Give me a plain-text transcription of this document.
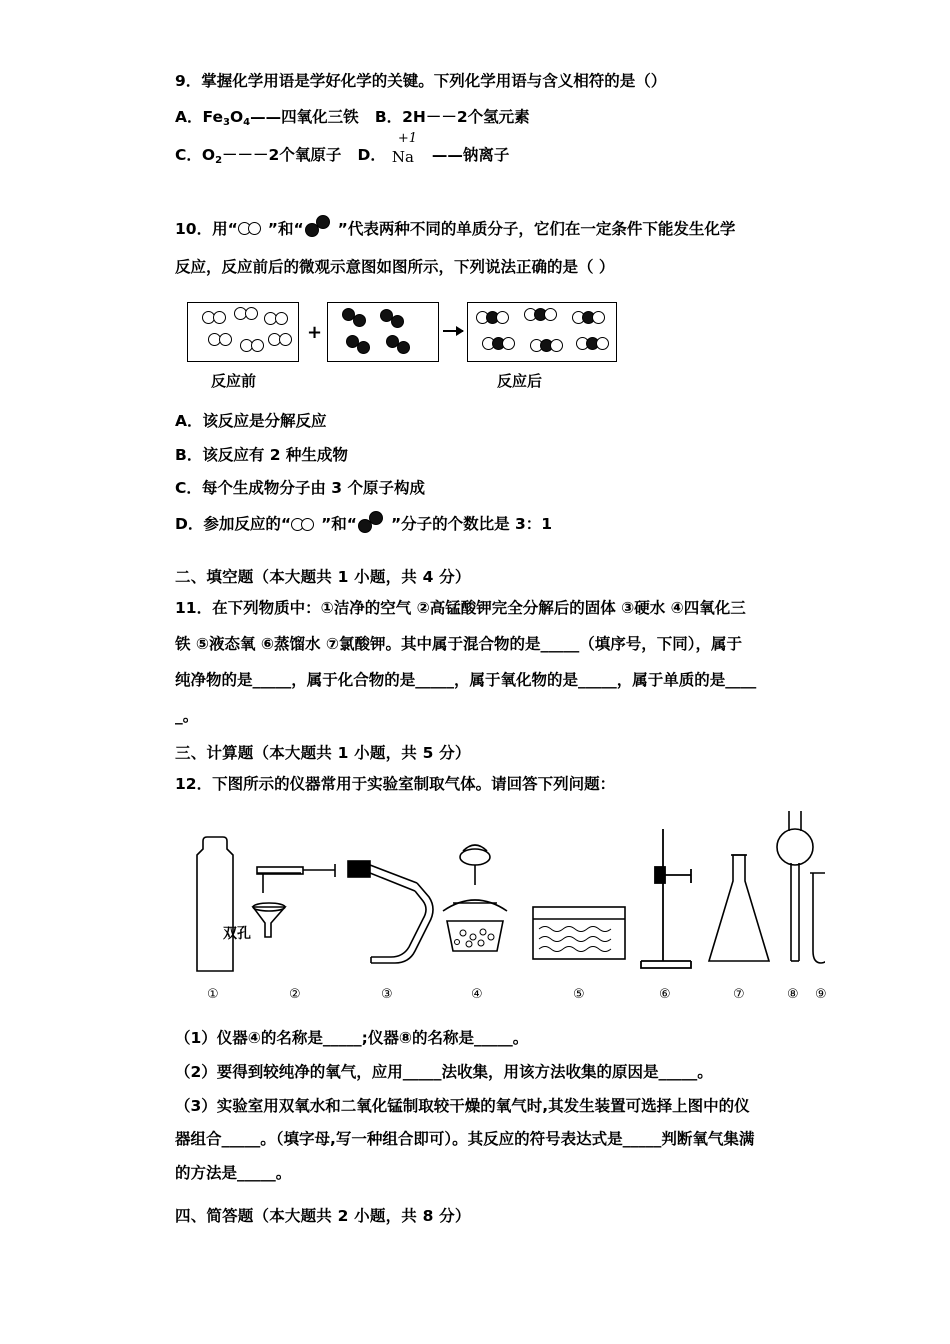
9．掌握化学用语是学好化学的关键。下列化学用语与含义相符的是（）

A．$Fe_3O_4——$四氧化三铁 B．2H－－2个氢元素

C．$O_2---2$个氧原子 D．
+1
Na ——钠离子

10．用“ ”和“ ”代表两种不同的单质分子，它们在一定条件下能发生化学

反应，反应前后的微观示意图如图所示，下列说法正确的是（ ）

+
反应前	反应后

A．该反应是分解反应

B．该反应有 2 种生成物

C．每个生成物分子由 3 个原子构成

D．参加反应的“ ”和“ ”分子的个数比是 3：1

二、填空题（本大题共 1 小题，共 4 分）

11．在下列物质中：①洁净的空气 ②高锰酸钾完全分解后的固体 ③硬水 ④四氧化三

铁 ⑤液态氧 ⑥蒸馏水 ⑦氯酸钾。其中属于混合物的是_____（填序号，下同），属于

纯净物的是_____，属于化合物的是_____，属于氧化物的是_____，属于单质的是____

_。

三、计算题（本大题共 1 小题，共 5 分）

12．下图所示的仪器常用于实验室制取气体。请回答下列问题：

双孔
①	②	③	④	⑤	⑥	⑦	⑧ ⑨

（1）仪器④的名称是_____;仪器⑧的名称是_____。

（2）要得到较纯净的氧气，应用_____法收集，用该方法收集的原因是_____。

（3）实验室用双氧水和二氧化锰制取较干燥的氧气时,其发生装置可选择上图中的仪

器组合_____。（填字母,写一种组合即可）。其反应的符号表达式是_____判断氧气集满

的方法是_____。

四、简答题（本大题共 2 小题，共 8 分）
